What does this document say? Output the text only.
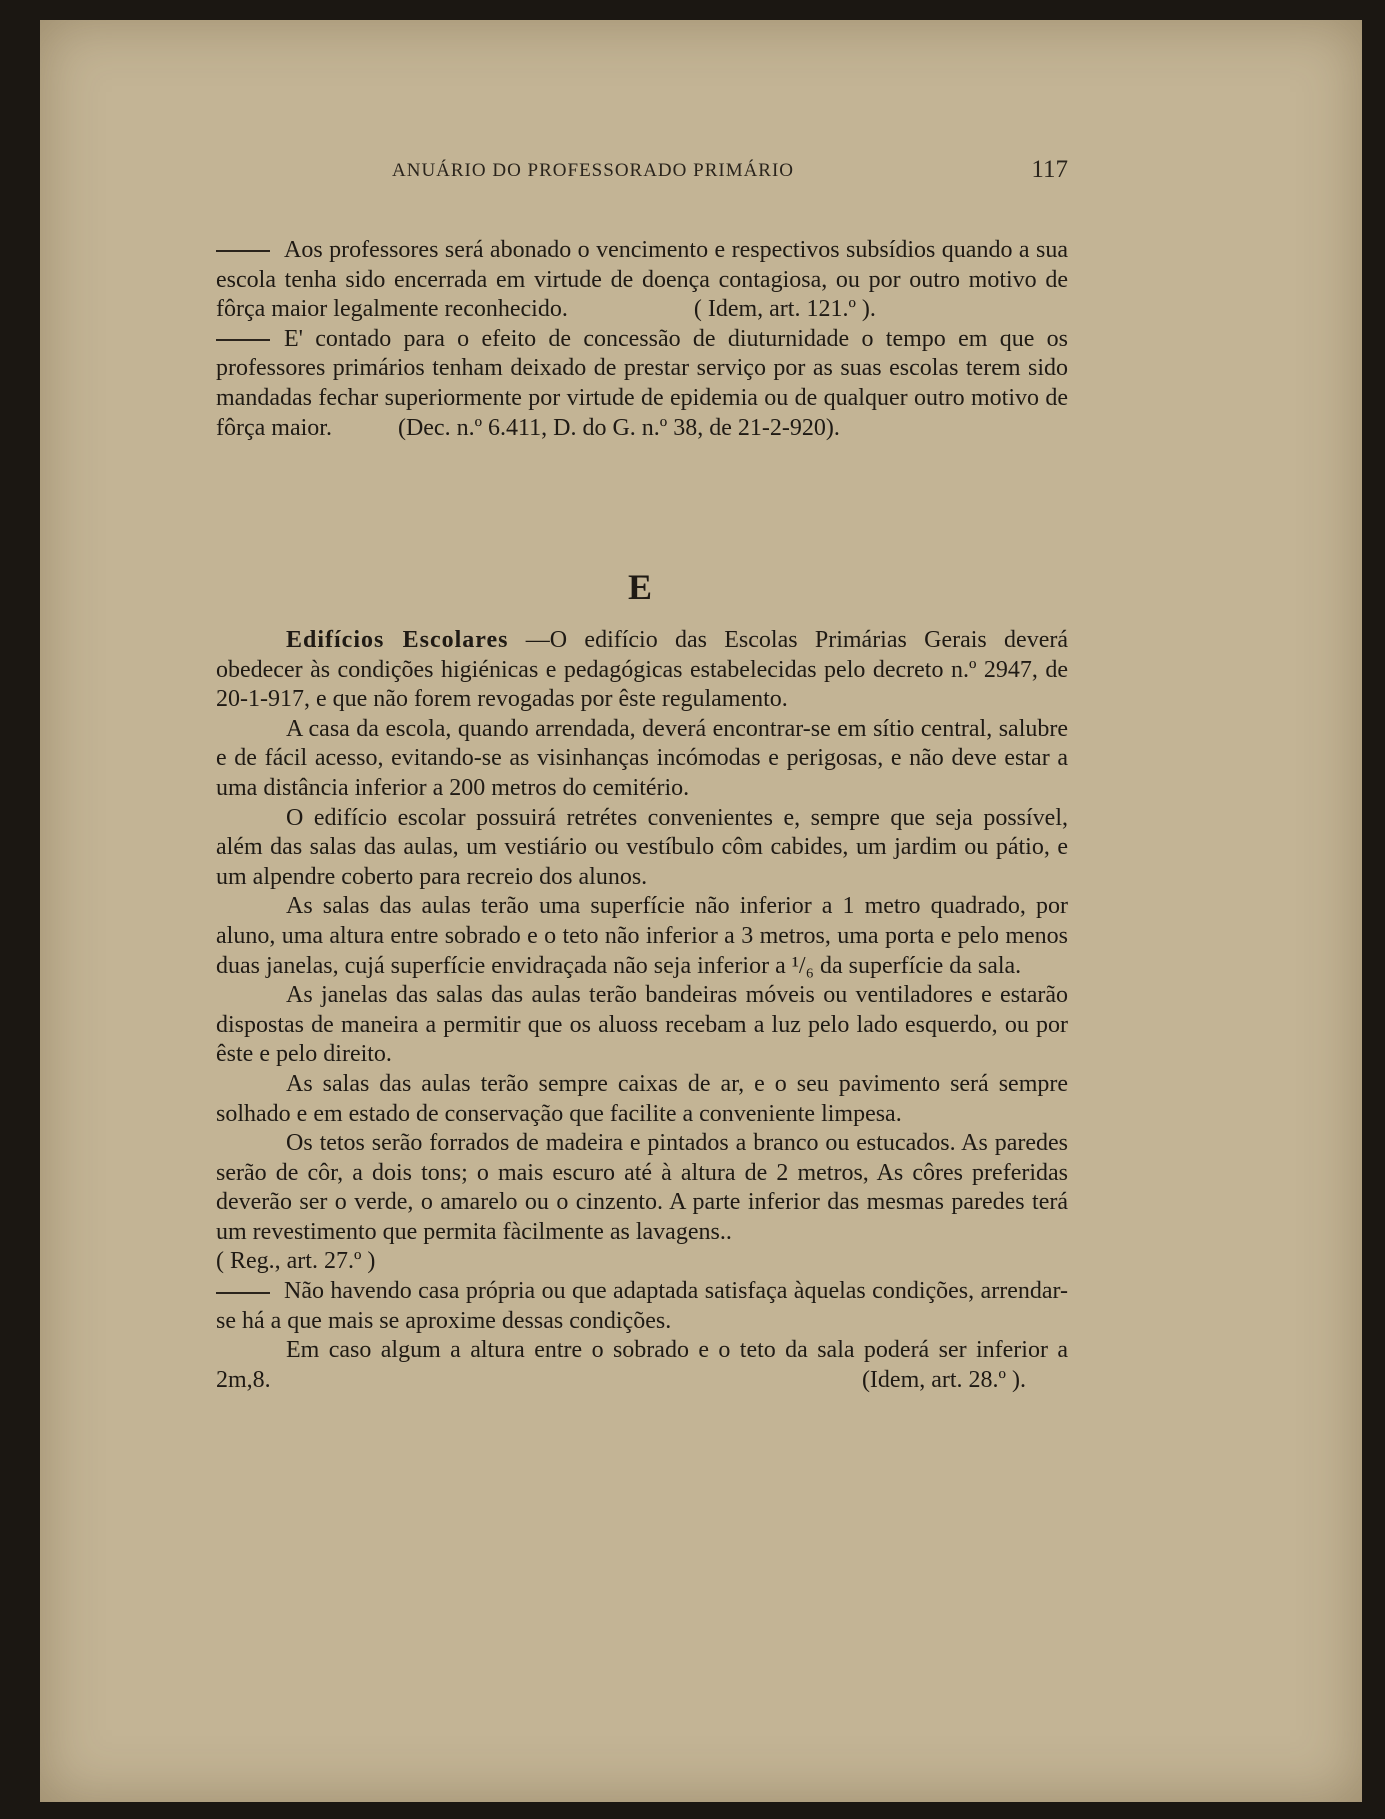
ANUÁRIO DO PROFESSORADO PRIMÁRIO	117

Aos professores será abonado o vencimento e respectivos subsídios quando a sua escola tenha sido encerrada em virtude de doença contagiosa, ou por outro motivo de fôrça maior legalmente reconhecido.	( Idem, art. 121.º ).

E' contado para o efeito de concessão de diuturnidade o tempo em que os professores primários tenham deixado de prestar serviço por as suas escolas terem sido mandadas fechar superiormente por virtude de epidemia ou de qualquer outro motivo de fôrça maior.	(Dec. n.º 6.411, D. do G. n.º 38, de 21-2-920).

E

Edifícios Escolares —O edifício das Escolas Primárias Gerais deverá obedecer às condições higiénicas e pedagógicas estabelecidas pelo decreto n.º 2947, de 20-1-917, e que não forem revogadas por êste regulamento.

A casa da escola, quando arrendada, deverá encontrar-se em sítio central, salubre e de fácil acesso, evitando-se as visinhanças incómodas e perigosas, e não deve estar a uma distância inferior a 200 metros do cemitério.

O edifício escolar possuirá retrétes convenientes e, sempre que seja possível, além das salas das aulas, um vestiário ou vestíbulo côm cabides, um jardim ou pátio, e um alpendre coberto para recreio dos alunos.

As salas das aulas terão uma superfície não inferior a 1 metro quadrado, por aluno, uma altura entre sobrado e o teto não inferior a 3 metros, uma porta e pelo menos duas janelas, cujá superfície envidraçada não seja inferior a ¹/₆ da superfície da sala.

As janelas das salas das aulas terão bandeiras móveis ou ventiladores e estarão dispostas de maneira a permitir que os aluoss recebam a luz pelo lado esquerdo, ou por êste e pelo direito.

As salas das aulas terão sempre caixas de ar, e o seu pavimento será sempre solhado e em estado de conservação que facilite a conveniente limpesa.

Os tetos serão forrados de madeira e pintados a branco ou estucados. As paredes serão de côr, a dois tons; o mais escuro até à altura de 2 metros, As côres preferidas deverão ser o verde, o amarelo ou o cinzento. A parte inferior das mesmas paredes terá um revestimento que permita fàcilmente as lavagens..

( Reg., art. 27.º )

Não havendo casa própria ou que adaptada satisfaça àquelas condições, arrendar-se há a que mais se aproxime dessas condições.

Em caso algum a altura entre o sobrado e o teto da sala poderá ser inferior a 2m,8.	(Idem, art. 28.º ).
